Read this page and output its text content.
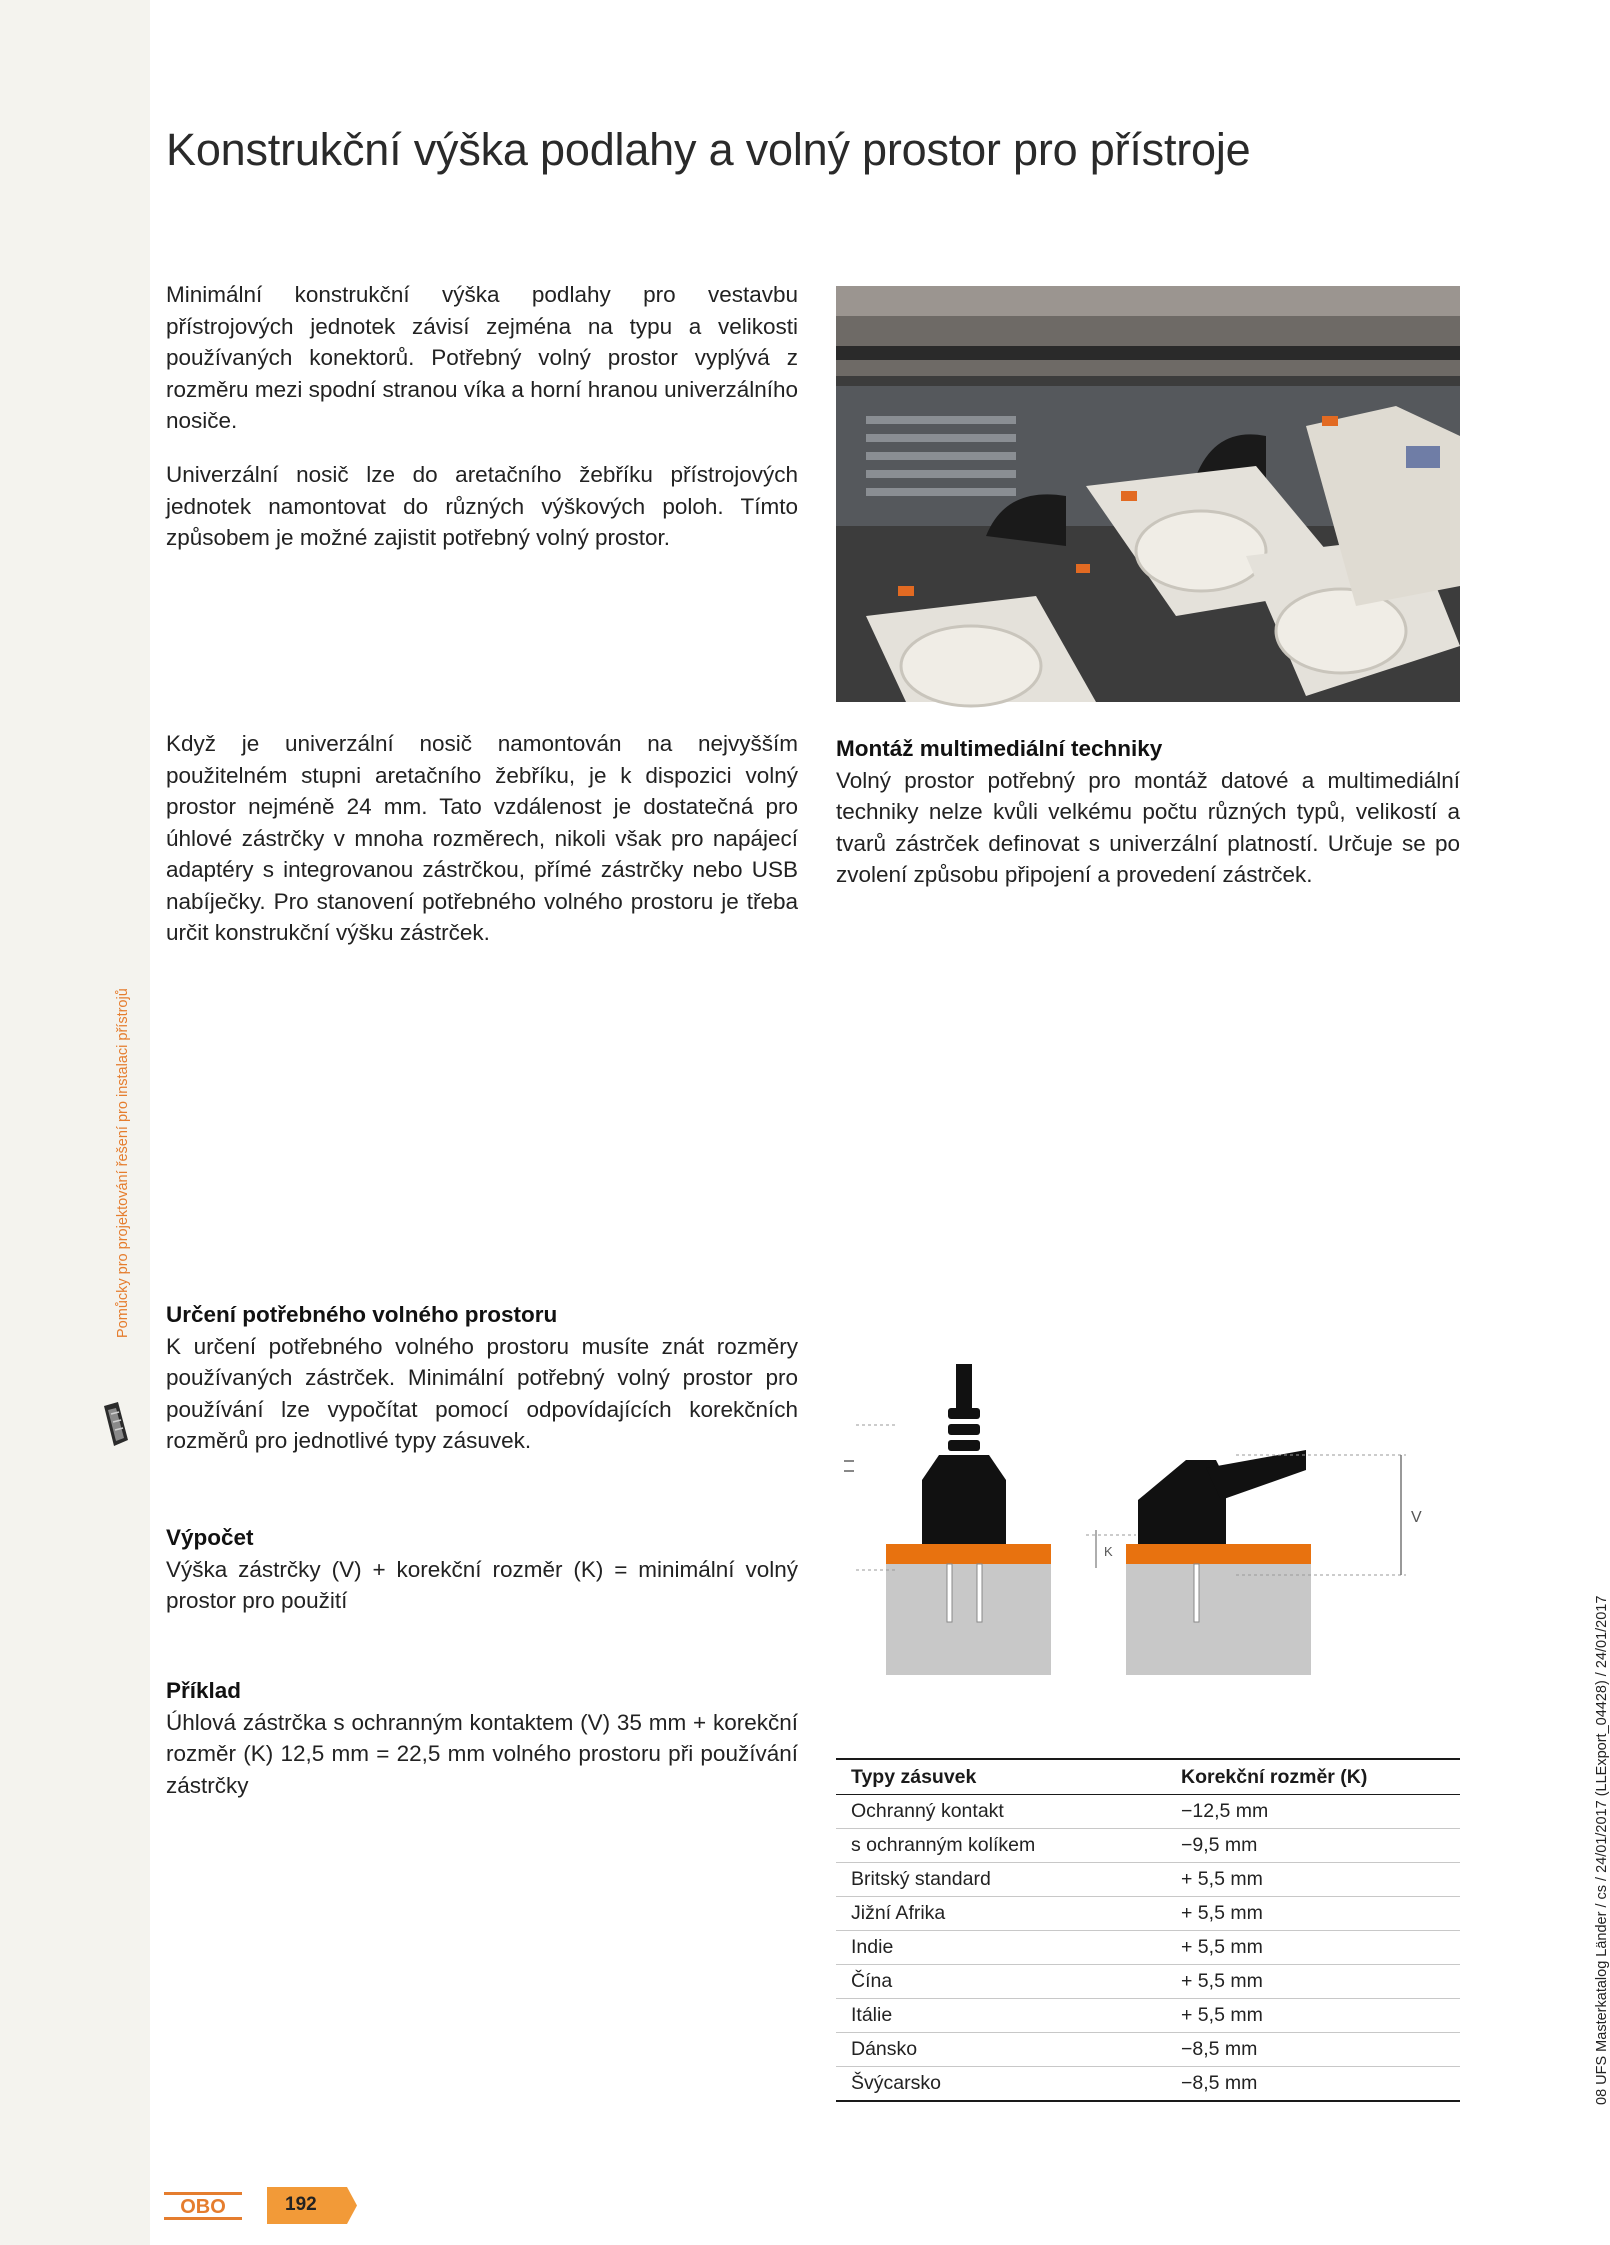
Pomůcky pro projektování řešení pro instalaci přístrojů
Konstrukční výška podlahy a volný prostor pro přístroje

Minimální konstrukční výška podlahy pro vestavbu přístrojových jednotek závisí zejména na typu a velikosti používaných konektorů. Potřebný volný prostor vyplývá z rozměru mezi spodní stranou víka a horní hranou univerzálního nosiče.

Univerzální nosič lze do aretačního žebříku přístrojových jednotek namontovat do různých výškových poloh. Tímto způsobem je možné zajistit potřebný volný prostor.

Když je univerzální nosič namontován na nejvyšším použitelném stupni aretačního žebříku, je k dispozici volný prostor nejméně 24 mm. Tato vzdálenost je dostatečná pro úhlové zástrčky v mnoha rozměrech, nikoli však pro napájecí adaptéry s integrovanou zástrčkou, přímé zástrčky nebo USB nabíječky. Pro stanovení potřebného volného prostoru je třeba určit konstrukční výšku zástrček.

Montáž multimediální techniky
Volný prostor potřebný pro montáž datové a multimediální techniky nelze kvůli velkému počtu různých typů, velikostí a tvarů zástrček definovat s univerzální platností. Určuje se po zvolení způsobu připojení a provedení zástrček.
Určení potřebného volného prostoru
K určení potřebného volného prostoru musíte znát rozměry používaných zástrček. Minimální potřebný volný prostor pro používání lze vypočítat pomocí odpovídajících korekčních rozměrů pro jednotlivé typy zásuvek.
Výpočet
Výška zástrčky (V) + korekční rozměr (K) = minimální volný prostor pro použití
Příklad
Úhlová zástrčka s ochranným kontaktem (V) 35 mm + korekční rozměr (K) 12,5 mm = 22,5 mm volného prostoru při používání zástrčky
V
K
Typy zásuvek	Korekční rozměr (K)
Ochranný kontakt	−12,5 mm
s ochranným kolíkem	−9,5 mm
Britský standard	+ 5,5 mm
Jižní Afrika	+ 5,5 mm
Indie	+ 5,5 mm
Čína	+ 5,5 mm
Itálie	+ 5,5 mm
Dánsko	−8,5 mm
Švýcarsko	−8,5 mm
OBO	192
08 UFS Masterkatalog Länder / cs / 24/01/2017 (LLExport_04428) / 24/01/2017
